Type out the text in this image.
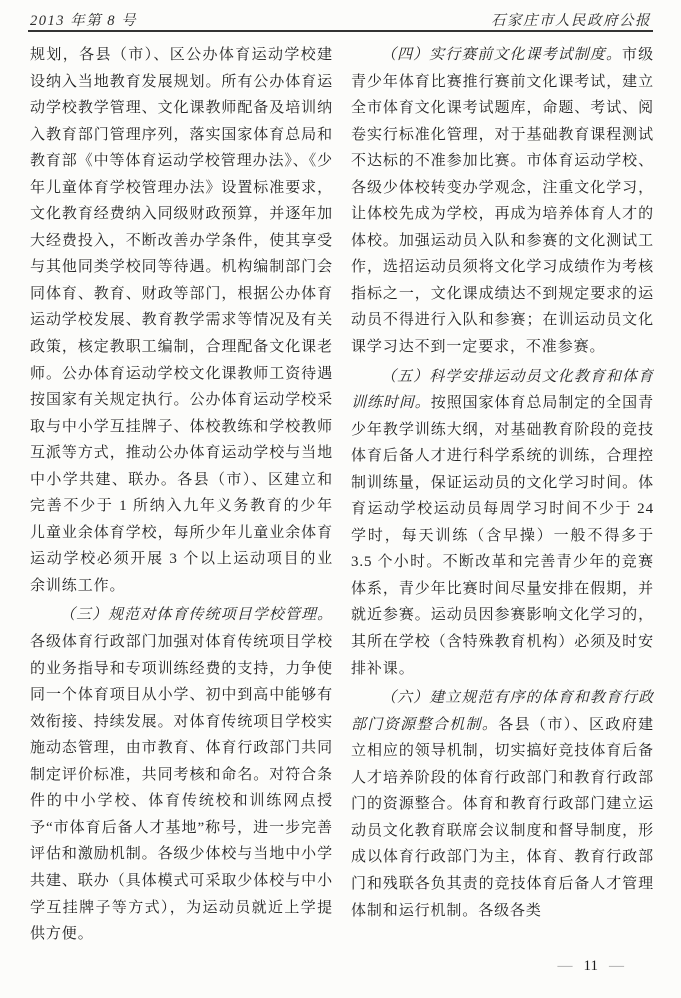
2013 年第 8 号	石家庄市人民政府公报

规划，各县（市）、区公办体育运动学校建设纳入当地教育发展规划。所有公办体育运动学校教学管理、文化课教师配备及培训纳入教育部门管理序列，落实国家体育总局和教育部《中等体育运动学校管理办法》、《少年儿童体育学校管理办法》设置标准要求，文化教育经费纳入同级财政预算，并逐年加大经费投入，不断改善办学条件，使其享受与其他同类学校同等待遇。机构编制部门会同体育、教育、财政等部门，根据公办体育运动学校发展、教育教学需求等情况及有关政策，核定教职工编制，合理配备文化课老师。公办体育运动学校文化课教师工资待遇按国家有关规定执行。公办体育运动学校采取与中小学互挂牌子、体校教练和学校教师互派等方式，推动公办体育运动学校与当地中小学共建、联办。各县（市）、区建立和完善不少于 1 所纳入九年义务教育的少年儿童业余体育学校，每所少年儿童业余体育运动学校必须开展 3 个以上运动项目的业余训练工作。

（三）规范对体育传统项目学校管理。各级体育行政部门加强对体育传统项目学校的业务指导和专项训练经费的支持，力争使同一个体育项目从小学、初中到高中能够有效衔接、持续发展。对体育传统项目学校实施动态管理，由市教育、体育行政部门共同制定评价标准，共同考核和命名。对符合条件的中小学校、体育传统校和训练网点授予“市体育后备人才基地”称号，进一步完善评估和激励机制。各级少体校与当地中小学共建、联办（具体模式可采取少体校与中小学互挂牌子等方式），为运动员就近上学提供方便。

（四）实行赛前文化课考试制度。市级青少年体育比赛推行赛前文化课考试，建立全市体育文化课考试题库，命题、考试、阅卷实行标准化管理，对于基础教育课程测试不达标的不准参加比赛。市体育运动学校、各级少体校转变办学观念，注重文化学习，让体校先成为学校，再成为培养体育人才的体校。加强运动员入队和参赛的文化测试工作，选招运动员须将文化学习成绩作为考核指标之一，文化课成绩达不到规定要求的运动员不得进行入队和参赛；在训运动员文化课学习达不到一定要求，不准参赛。

（五）科学安排运动员文化教育和体育训练时间。按照国家体育总局制定的全国青少年教学训练大纲，对基础教育阶段的竞技体育后备人才进行科学系统的训练，合理控制训练量，保证运动员的文化学习时间。体育运动学校运动员每周学习时间不少于 24 学时，每天训练（含早操）一般不得多于 3.5 个小时。不断改革和完善青少年的竞赛体系，青少年比赛时间尽量安排在假期，并就近参赛。运动员因参赛影响文化学习的，其所在学校（含特殊教育机构）必须及时安排补课。

（六）建立规范有序的体育和教育行政部门资源整合机制。各县（市）、区政府建立相应的领导机制，切实搞好竞技体育后备人才培养阶段的体育行政部门和教育行政部门的资源整合。体育和教育行政部门建立运动员文化教育联席会议制度和督导制度，形成以体育行政部门为主，体育、教育行政部门和残联各负其责的竞技体育后备人才管理体制和运行机制。各级各类

— 11 —
